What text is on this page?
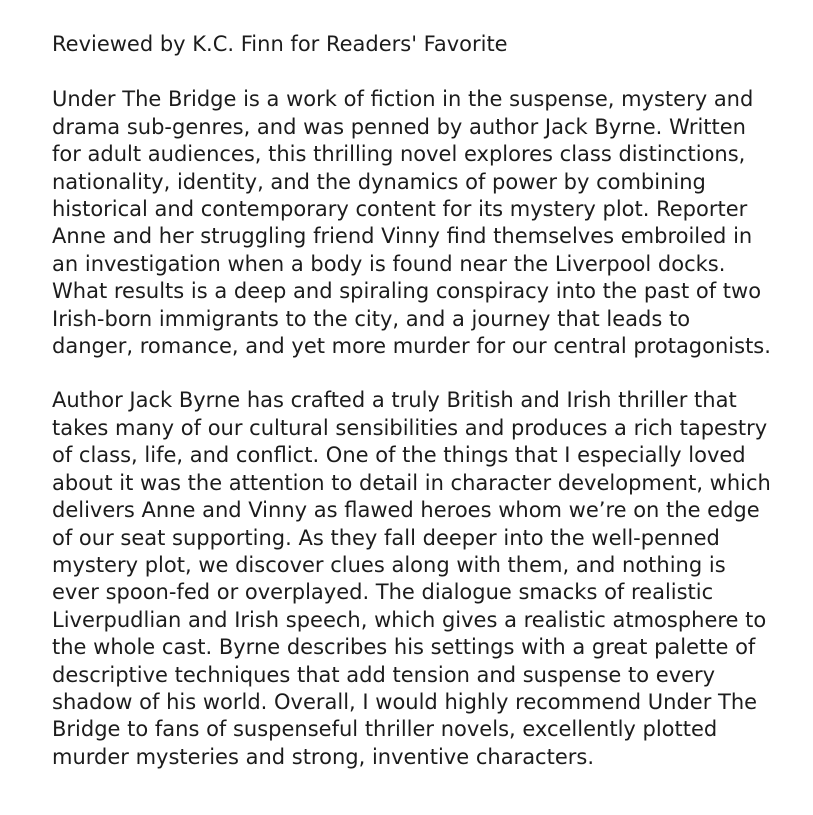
Reviewed by K.C. Finn for Readers' Favorite
Under The Bridge is a work of fiction in the suspense, mystery and
drama sub-genres, and was penned by author Jack Byrne. Written
for adult audiences, this thrilling novel explores class distinctions,
nationality, identity, and the dynamics of power by combining
historical and contemporary content for its mystery plot. Reporter
Anne and her struggling friend Vinny find themselves embroiled in
an investigation when a body is found near the Liverpool docks.
What results is a deep and spiraling conspiracy into the past of two
Irish-born immigrants to the city, and a journey that leads to
danger, romance, and yet more murder for our central protagonists.
Author Jack Byrne has crafted a truly British and Irish thriller that
takes many of our cultural sensibilities and produces a rich tapestry
of class, life, and conflict. One of the things that I especially loved
about it was the attention to detail in character development, which
delivers Anne and Vinny as flawed heroes whom we’re on the edge
of our seat supporting. As they fall deeper into the well-penned
mystery plot, we discover clues along with them, and nothing is
ever spoon-fed or overplayed. The dialogue smacks of realistic
Liverpudlian and Irish speech, which gives a realistic atmosphere to
the whole cast. Byrne describes his settings with a great palette of
descriptive techniques that add tension and suspense to every
shadow of his world. Overall, I would highly recommend Under The
Bridge to fans of suspenseful thriller novels, excellently plotted
murder mysteries and strong, inventive characters.
